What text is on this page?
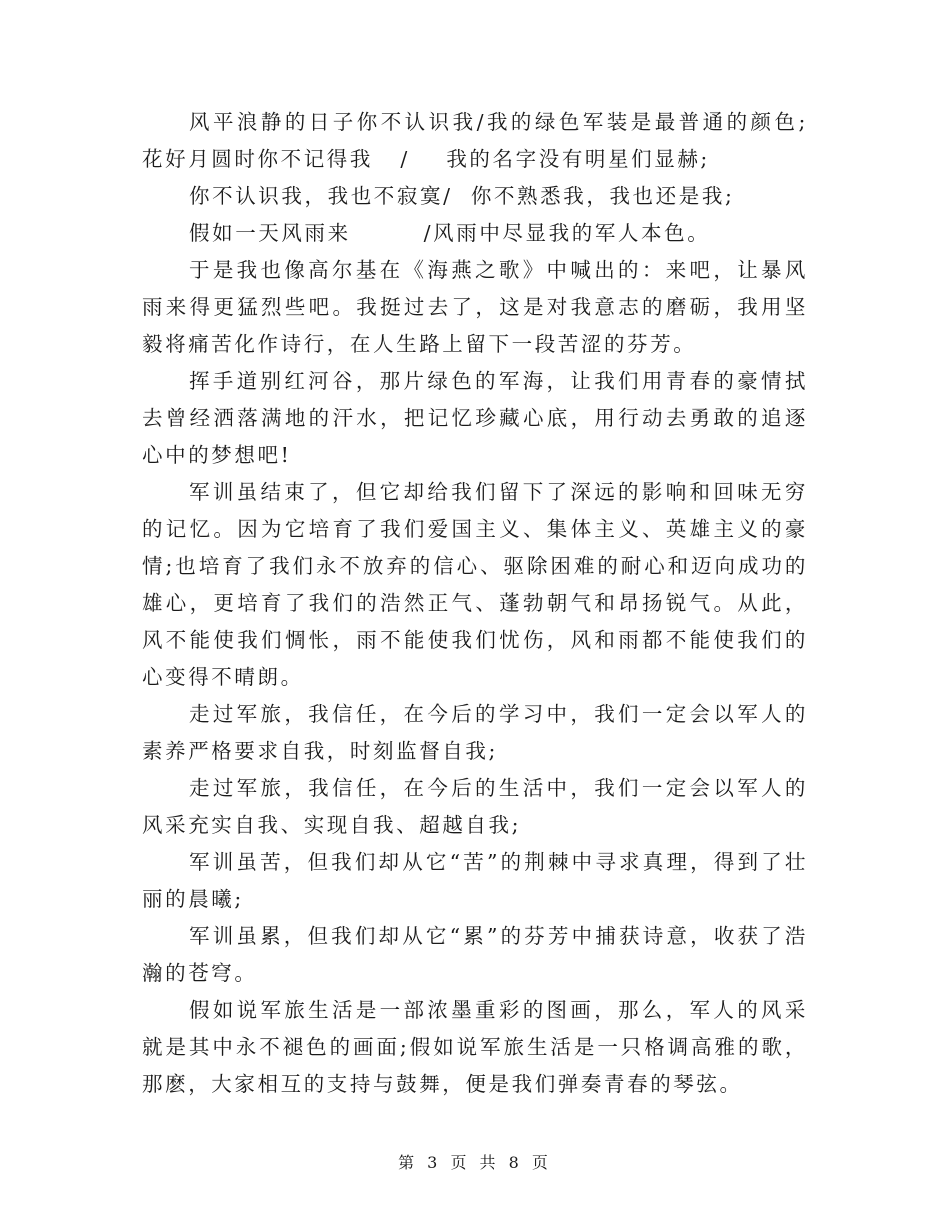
风平浪静的日子你不认识我/我的绿色军装是最普通的颜色;花好月圆时你不记得我   /    我的名字没有明星们显赫;

你不认识我，我也不寂寞/  你不熟悉我，我也还是我;

假如一天风雨来        /风雨中尽显我的军人本色。

于是我也像高尔基在《海燕之歌》中喊出的：来吧，让暴风雨来得更猛烈些吧。我挺过去了，这是对我意志的磨砺，我用坚毅将痛苦化作诗行，在人生路上留下一段苦涩的芬芳。

挥手道别红河谷，那片绿色的军海，让我们用青春的豪情拭去曾经洒落满地的汗水，把记忆珍藏心底，用行动去勇敢的追逐心中的梦想吧!

军训虽结束了，但它却给我们留下了深远的影响和回味无穷的记忆。因为它培育了我们爱国主义、集体主义、英雄主义的豪情;也培育了我们永不放弃的信心、驱除困难的耐心和迈向成功的雄心，更培育了我们的浩然正气、蓬勃朝气和昂扬锐气。从此，风不能使我们惆怅，雨不能使我们忧伤，风和雨都不能使我们的心变得不晴朗。

走过军旅，我信任，在今后的学习中，我们一定会以军人的素养严格要求自我，时刻监督自我;

走过军旅，我信任，在今后的生活中，我们一定会以军人的风采充实自我、实现自我、超越自我;

军训虽苦，但我们却从它“苦”的荆棘中寻求真理，得到了壮丽的晨曦;

军训虽累，但我们却从它“累”的芬芳中捕获诗意，收获了浩瀚的苍穹。

假如说军旅生活是一部浓墨重彩的图画，那么，军人的风采就是其中永不褪色的画面;假如说军旅生活是一只格调高雅的歌，那麽，大家相互的支持与鼓舞，便是我们弹奏青春的琴弦。

第 3 页 共 8 页
